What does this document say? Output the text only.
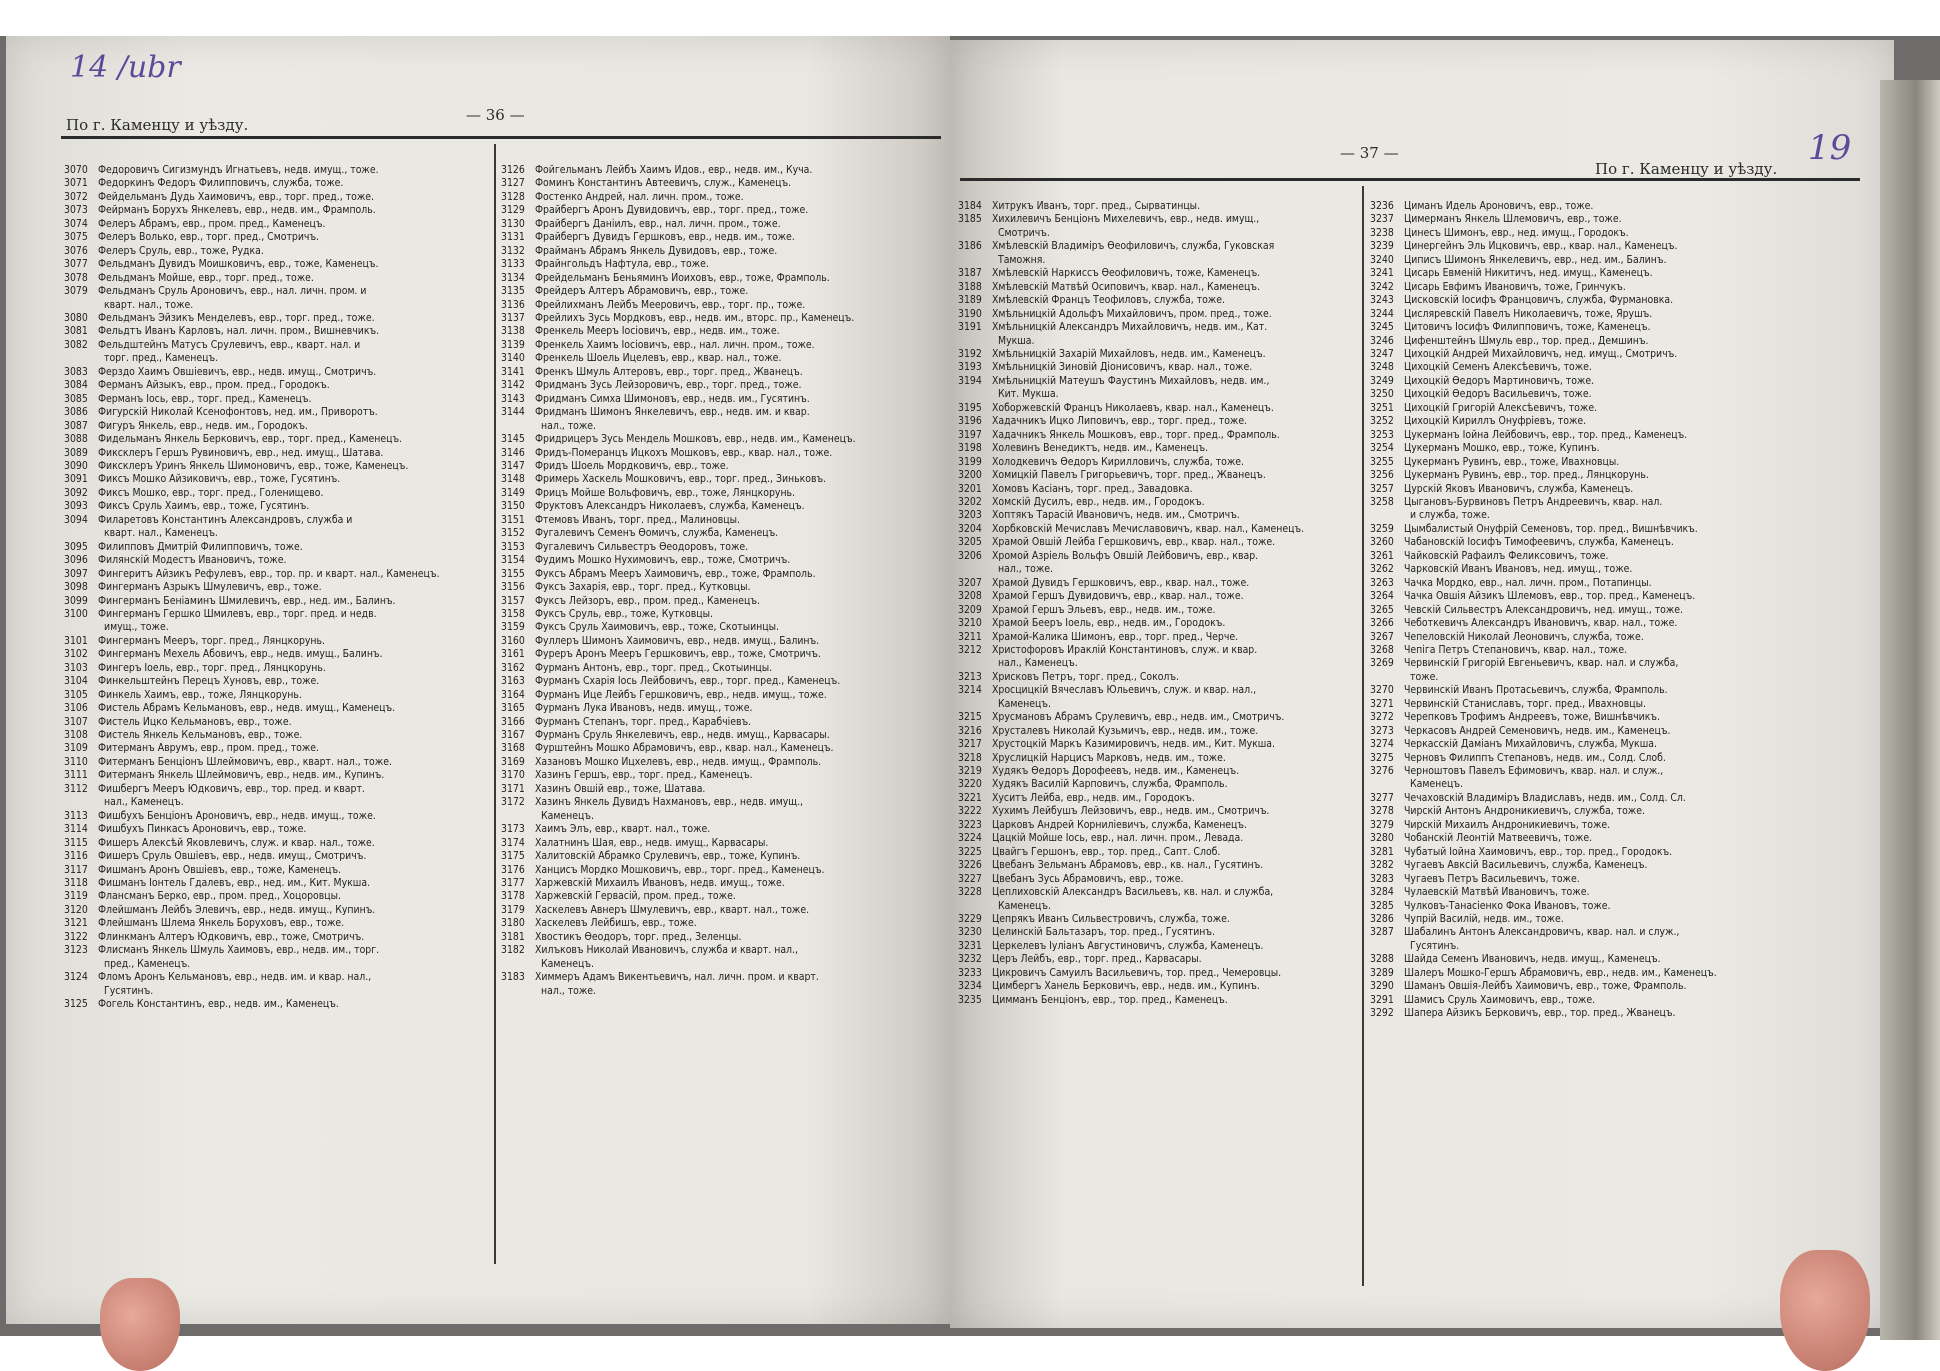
По г. Каменцу и уѣзду.
— 36 —
3070 Федоровичъ Сигизмундъ Игнатьевъ, недв. имущ., тоже.
3071 Федоркинъ Федоръ Филипповичъ, служба, тоже.
3072 Фейдельманъ Дудь Хаимовичъ, евр., торг. пред., тоже.
3073 Фейрманъ Борухъ Янкелевъ, евр., недв. им., Фрамполь.
3074 Фелеръ Абрамъ, евр., пром. пред., Каменецъ.
3075 Фелеръ Волько, евр., торг. пред., Смотричъ.
3076 Фелеръ Сруль, евр., тоже, Рудка.
3077 Фельдманъ Дувидъ Моишковичъ, евр., тоже, Каменецъ.
3078 Фельдманъ Мойше, евр., торг. пред., тоже.
3079 Фельдманъ Сруль Ароновичъ, евр., нал. личн. пром. и
кварт. нал., тоже.
3080 Фельдманъ Эйзикъ Менделевъ, евр., торг. пред., тоже.
3081 Фельдтъ Иванъ Карловъ, нал. личн. пром., Вишневчикъ.
3082 Фельдштейнъ Матусъ Срулевичъ, евр., кварт. нал. и
торг. пред., Каменецъ.
3083 Ферздо Хаимъ Овшіевичъ, евр., недв. имущ., Смотричъ.
3084 Ферманъ Айзыкъ, евр., пром. пред., Городокъ.
3085 Ферманъ Іось, евр., торг. пред., Каменецъ.
3086 Фигурскій Николай Ксенофонтовъ, нед. им., Приворотъ.
3087 Фигуръ Янкель, евр., недв. им., Городокъ.
3088 Фидельманъ Янкель Берковичъ, евр., торг. пред., Каменецъ.
3089 Фиксклеръ Гершъ Рувиновичъ, евр., нед. имущ., Шатава.
3090 Фиксклеръ Уринъ Янкель Шимоновичъ, евр., тоже, Каменецъ.
3091 Фиксъ Мошко Айзиковичъ, евр., тоже, Гусятинъ.
3092 Фиксъ Мошко, евр., торг. пред., Голенищево.
3093 Фиксъ Сруль Хаимъ, евр., тоже, Гусятинъ.
3094 Филаретовъ Константинъ Александровъ, служба и
кварт. нал., Каменецъ.
3095 Филипповъ Дмитрій Филипповичъ, тоже.
3096 Филянскій Модестъ Ивановичъ, тоже.
3097 Фингеритъ Айзикъ Рефулевъ, евр., тор. пр. и кварт. нал., Каменецъ.
3098 Фингерманъ Азрыкъ Шмулевичъ, евр., тоже.
3099 Фингерманъ Беніаминъ Шмилевичъ, евр., нед. им., Балинъ.
3100 Фингерманъ Гершко Шмилевъ, евр., торг. пред. и недв.
имущ., тоже.
3101 Фингерманъ Мееръ, торг. пред., Лянцкорунь.
3102 Фингерманъ Мехель Абовичъ, евр., недв. имущ., Балинъ.
3103 Фингеръ Іоель, евр., торг. пред., Лянцкорунь.
3104 Финкельштейнъ Перецъ Хуновъ, евр., тоже.
3105 Финкель Хаимъ, евр., тоже, Лянцкорунь.
3106 Фистель Абрамъ Кельмановъ, евр., недв. имущ., Каменецъ.
3107 Фистель Ицко Кельмановъ, евр., тоже.
3108 Фистель Янкель Кельмановъ, евр., тоже.
3109 Фитерманъ Аврумъ, евр., пром. пред., тоже.
3110 Фитерманъ Бенціонъ Шлеймовичъ, евр., кварт. нал., тоже.
3111 Фитерманъ Янкель Шлеймовичъ, евр., недв. им., Купинъ.
3112 Фишбергъ Мееръ Юдковичъ, евр., тор. пред. и кварт.
нал., Каменецъ.
3113 Фишбухъ Бенціонъ Ароновичъ, евр., недв. имущ., тоже.
3114 Фишбухъ Пинкасъ Ароновичъ, евр., тоже.
3115 Фишеръ Алексѣй Яковлевичъ, служ. и квар. нал., тоже.
3116 Фишеръ Сруль Овшіевъ, евр., недв. имущ., Смотричъ.
3117 Фишманъ Аронъ Овшіевъ, евр., тоже, Каменецъ.
3118 Фишманъ Іонтель Гдалевъ, евр., нед. им., Кит. Мукша.
3119 Флансманъ Берко, евр., пром. пред., Хоцоровцы.
3120 Флейшманъ Лейбъ Элевичъ, евр., недв. имущ., Купинъ.
3121 Флейшманъ Шлема Янкель Боруховъ, евр., тоже.
3122 Флинкманъ Алтеръ Юдковичъ, евр., тоже, Смотричъ.
3123 Флисманъ Янкель Шмуль Хаимовъ, евр., недв. им., торг.
пред., Каменецъ.
3124 Фломъ Аронъ Кельмановъ, евр., недв. им. и квар. нал.,
Гусятинъ.
3125 Фогель Константинъ, евр., недв. им., Каменецъ.
3126 Фойгельманъ Лейбъ Хаимъ Идов., евр., недв. им., Куча.
3127 Фоминъ Константинъ Автеевичъ, служ., Каменецъ.
3128 Фостенко Андрей, нал. личн. пром., тоже.
3129 Фрайбергъ Аронъ Дувидовичъ, евр., торг. пред., тоже.
3130 Фрайбергъ Даніилъ, евр., нал. личн. пром., тоже.
3131 Фрайбергъ Дувидъ Гершковъ, евр., недв. им., тоже.
3132 Фрайманъ Абрамъ Янкель Дувидовъ, евр., тоже.
3133 Фрайнгольдъ Нафтула, евр., тоже.
3134 Фрейдельманъ Беньяминъ Иоиховъ, евр., тоже, Фрамполь.
3135 Фрейдеръ Алтеръ Абрамовичъ, евр., тоже.
3136 Фрейлихманъ Лейбъ Мееровичъ, евр., торг. пр., тоже.
3137 Фрейлихъ Зусь Мордковъ, евр., недв. им., вторс. пр., Каменецъ.
3138 Френкель Мееръ Іосіовичъ, евр., недв. им., тоже.
3139 Френкель Хаимъ Іосіовичъ, евр., нал. личн. пром., тоже.
3140 Френкель Шоель Ицелевъ, евр., квар. нал., тоже.
3141 Френкъ Шмуль Алтеровъ, евр., торг. пред., Жванецъ.
3142 Фридманъ Зусь Лейзоровичъ, евр., торг. пред., тоже.
3143 Фридманъ Симха Шимоновъ, евр., недв. им., Гусятинъ.
3144 Фридманъ Шимонъ Янкелевичъ, евр., недв. им. и квар.
нал., тоже.
3145 Фридрицеръ Зусь Мендель Мошковъ, евр., недв. им., Каменецъ.
3146 Фридъ-Померанцъ Ицкохъ Мошковъ, евр., квар. нал., тоже.
3147 Фридъ Шоель Мордковичъ, евр., тоже.
3148 Фримерь Хаскель Мошковичъ, евр., торг. пред., Зиньковъ.
3149 Фрицъ Мойше Вольфовичъ, евр., тоже, Лянцкорунь.
3150 Фруктовъ Александръ Николаевъ, служба, Каменецъ.
3151 Фтемовъ Иванъ, торг. пред., Малиновцы.
3152 Фугалевичъ Семенъ Ѳомичъ, служба, Каменецъ.
3153 Фугалевичъ Сильвестръ Ѳеодоровъ, тоже.
3154 Фудимъ Мошко Нухимовичъ, евр., тоже, Смотричъ.
3155 Фуксъ Абрамъ Мееръ Хаимовичъ, евр., тоже, Фрамполь.
3156 Фуксъ Захарія, евр., торг. пред., Кутковцы.
3157 Фуксъ Лейзоръ, евр., пром. пред., Каменецъ.
3158 Фуксъ Сруль, евр., тоже, Кутковцы.
3159 Фуксъ Сруль Хаимовичъ, евр., тоже, Скотыинцы.
3160 Фуллеръ Шимонъ Хаимовичъ, евр., недв. имущ., Балинъ.
3161 Фуреръ Аронъ Мееръ Гершковичъ, евр., тоже, Смотричъ.
3162 Фурманъ Антонъ, евр., торг. пред., Скотыинцы.
3163 Фурманъ Схарія Іось Лейбовичъ, евр., торг. пред., Каменецъ.
3164 Фурманъ Ице Лейбъ Гершковичъ, евр., недв. имущ., тоже.
3165 Фурманъ Лука Ивановъ, недв. имущ., тоже.
3166 Фурманъ Степанъ, торг. пред., Карабчіевъ.
3167 Фурманъ Сруль Янкелевичъ, евр., недв. имущ., Карвасары.
3168 Фурштейнъ Мошко Абрамовичъ, евр., квар. нал., Каменецъ.
3169 Хазановъ Мошко Ицхелевъ, евр., недв. имущ., Фрамполь.
3170 Хазинъ Гершъ, евр., торг. пред., Каменецъ.
3171 Хазинъ Овшій евр., тоже, Шатава.
3172 Хазинъ Янкель Дувидъ Нахмановъ, евр., недв. имущ.,
Каменецъ.
3173 Хаимъ Элъ, евр., кварт. нал., тоже.
3174 Халатнинъ Шая, евр., недв. имущ., Карвасары.
3175 Халитовскій Абрамко Срулевичъ, евр., тоже, Купинъ.
3176 Ханцисъ Мордко Мошковичъ, евр., торг. пред., Каменецъ.
3177 Харжевскій Михаилъ Ивановъ, недв. имущ., тоже.
3178 Харжевскій Гервасій, пром. пред., тоже.
3179 Хаскелевъ Авнеръ Шмулевичъ, евр., кварт. нал., тоже.
3180 Хаскелевъ Лейбишъ, евр., тоже.
3181 Хвостикъ Ѳеодоръ, торг. пред., Зеленцы.
3182 Хилъковъ Николай Ивановичъ, служба и кварт. нал.,
Каменецъ.
3183 Химмеръ Адамъ Викентьевичъ, нал. личн. пром. и кварт.
нал., тоже.
— 37 —
По г. Каменцу и уѣзду.
3184 Хитрукъ Иванъ, торг. пред., Сырватинцы.
3185 Хихилевичъ Бенціонъ Михелевичъ, евр., недв. имущ.,
Смотричъ.
3186 Хмѣлевскій Владиміръ Ѳеофиловичъ, служба, Гуковская
Таможня.
3187 Хмѣлевскій Наркиссъ Ѳеофиловичъ, тоже, Каменецъ.
3188 Хмѣлевскій Матвѣй Осиповичъ, квар. нал., Каменецъ.
3189 Хмѣлевскій Францъ Теофиловъ, служба, тоже.
3190 Хмѣльницкій Адольфъ Михайловичъ, пром. пред., тоже.
3191 Хмѣльницкій Александръ Михайловичъ, недв. им., Кат.
Мукша.
3192 Хмѣльницкій Захарій Михайловъ, недв. им., Каменецъ.
3193 Хмѣльницкій Зиновій Діонисовичъ, квар. нал., тоже.
3194 Хмѣльницкій Матеушъ Фаустинъ Михайловъ, недв. им.,
Кит. Мукша.
3195 Хоборжевскій Францъ Николаевъ, квар. нал., Каменецъ.
3196 Хадачникъ Ицко Липовичъ, евр., торг. пред., тоже.
3197 Хадачникъ Янкель Мошковъ, евр., торг. пред., Фрамполь.
3198 Холевинъ Венедиктъ, недв. им., Каменецъ.
3199 Холодкевичъ Ѳедоръ Кирилловичъ, служба, тоже.
3200 Хомицкій Павелъ Григорьевичъ, торг. пред., Жванецъ.
3201 Хомовъ Касіанъ, торг. пред., Завадовка.
3202 Хомскій Дусилъ, евр., недв. им., Городокъ.
3203 Хоптякъ Тарасій Ивановичъ, недв. им., Смотричъ.
3204 Хорбковскій Мечиславъ Мечиславовичъ, квар. нал., Каменецъ.
3205 Храмой Овшій Лейба Гершковичъ, евр., квар. нал., тоже.
3206 Хромой Азріель Вольфъ Овшій Лейбовичъ, евр., квар.
нал., тоже.
3207 Храмой Дувидъ Гершковичъ, евр., квар. нал., тоже.
3208 Храмой Гершъ Дувидовичъ, евр., квар. нал., тоже.
3209 Храмой Гершъ Эльевъ, евр., недв. им., тоже.
3210 Храмой Бееръ Іоель, евр., недв. им., Городокъ.
3211 Храмой-Калика Шимонъ, евр., торг. пред., Черче.
3212 Христофоровъ Ираклій Константиновъ, служ. и квар.
нал., Каменецъ.
3213 Хрисковъ Петръ, торг. пред., Соколъ.
3214 Хросцицкій Вячеславъ Юльевичъ, служ. и квар. нал.,
Каменецъ.
3215 Хрусмановъ Абрамъ Срулевичъ, евр., недв. им., Смотричъ.
3216 Хрусталевъ Николай Кузьмичъ, евр., недв. им., тоже.
3217 Хрустоцкій Маркъ Казимировичъ, недв. им., Кит. Мукша.
3218 Хруслицкій Нарцисъ Марковъ, недв. им., тоже.
3219 Худякъ Ѳедоръ Дорофеевъ, недв. им., Каменецъ.
3220 Худякъ Василій Карповичъ, служба, Фрамполь.
3221 Хуситъ Лейба, евр., недв. им., Городокъ.
3222 Хухимъ Лейбушъ Лейзовичъ, евр., недв. им., Смотричъ.
3223 Царковъ Андрей Корниліевичъ, служба, Каменецъ.
3224 Цацкій Мойше Іось, евр., нал. личн. пром., Левада.
3225 Цвайгъ Гершонъ, евр., тор. пред., Сапт. Слоб.
3226 Цвебанъ Зельманъ Абрамовъ, евр., кв. нал., Гусятинъ.
3227 Цвебанъ Зусь Абрамовичъ, евр., тоже.
3228 Цеплиховскій Александръ Васильевъ, кв. нал. и служба,
Каменецъ.
3229 Цепрякъ Иванъ Сильвестровичъ, служба, тоже.
3230 Целинскій Бальтазаръ, тор. пред., Гусятинъ.
3231 Церкелевъ Іуліанъ Августиновичъ, служба, Каменецъ.
3232 Церъ Лейбъ, евр., торг. пред., Карвасары.
3233 Цикровичъ Самуилъ Васильевичъ, тор. пред., Чемеровцы.
3234 Цимбергъ Ханель Берковичъ, евр., недв. им., Купинъ.
3235 Цимманъ Бенціонъ, евр., тор. пред., Каменецъ.
3236 Циманъ Идель Ароновичъ, евр., тоже.
3237 Цимерманъ Янкель Шлемовичъ, евр., тоже.
3238 Цинесъ Шимонъ, евр., нед. имущ., Городокъ.
3239 Цинергейнъ Эль Ицковичъ, евр., квар. нал., Каменецъ.
3240 Циписъ Шимонъ Янкелевичъ, евр., нед. им., Балинъ.
3241 Цисарь Евменій Никитичъ, нед. имущ., Каменецъ.
3242 Цисарь Евфимъ Ивановичъ, тоже, Гринчукъ.
3243 Цисковскій Іосифъ Францовичъ, служба, Фурмановка.
3244 Цисляревскій Павелъ Николаевичъ, тоже, Ярушъ.
3245 Цитовичъ Іосифъ Филипповичъ, тоже, Каменецъ.
3246 Цифенштейнъ Шмуль евр., тор. пред., Демшинъ.
3247 Цихоцкій Андрей Михайловичъ, нед. имущ., Смотричъ.
3248 Цихоцкій Семенъ Алексѣевичъ, тоже.
3249 Цихоцкій Ѳедоръ Мартиновичъ, тоже.
3250 Цихоцкій Ѳедоръ Васильевичъ, тоже.
3251 Цихоцкій Григорій Алексѣевичъ, тоже.
3252 Цихоцкій Кириллъ Онуфріевъ, тоже.
3253 Цукерманъ Іойна Лейбовичъ, евр., тор. пред., Каменецъ.
3254 Цукерманъ Мошко, евр., тоже, Купинъ.
3255 Цукерманъ Рувинъ, евр., тоже, Ивахновцы.
3256 Цукерманъ Рувинъ, евр., тор. пред., Лянцкорунь.
3257 Цурскій Яковъ Ивановичъ, служба, Каменецъ.
3258 Цыгановъ-Бурвиновъ Петръ Андреевичъ, квар. нал.
и служба, тоже.
3259 Цымбалистый Онуфрій Семеновъ, тор. пред., Вишнѣвчикъ.
3260 Чабановскій Іосифъ Тимофеевичъ, служба, Каменецъ.
3261 Чайковскій Рафаилъ Феликсовичъ, тоже.
3262 Чарковскій Иванъ Ивановъ, нед. имущ., тоже.
3263 Чачка Мордко, евр., нал. личн. пром., Потапинцы.
3264 Чачка Овшія Айзикъ Шлемовъ, евр., тор. пред., Каменецъ.
3265 Чевскій Сильвестръ Александровичъ, нед. имущ., тоже.
3266 Чеботкевичъ Александръ Ивановичъ, квар. нал., тоже.
3267 Чепеловскій Николай Леоновичъ, служба, тоже.
3268 Чепіга Петръ Степановичъ, квар. нал., тоже.
3269 Червинскій Григорій Евгеньевичъ, квар. нал. и служба,
тоже.
3270 Червинскій Иванъ Протасьевичъ, служба, Фрамполь.
3271 Червинскій Станиславъ, торг. пред., Ивахновцы.
3272 Черепковъ Трофимъ Андреевъ, тоже, Вишнѣвчикъ.
3273 Черкасовъ Андрей Семеновичъ, недв. им., Каменецъ.
3274 Черкасскій Даміанъ Михайловичъ, служба, Мукша.
3275 Черновъ Филиппъ Степановъ, недв. им., Солд. Слоб.
3276 Черноштовъ Павелъ Ефимовичъ, квар. нал. и служ.,
Каменецъ.
3277 Чечаховскій Владиміръ Владиславъ, недв. им., Солд. Сл.
3278 Чирскій Антонъ Андроникиевичъ, служба, тоже.
3279 Чирскій Михаилъ Андроникиевичъ, тоже.
3280 Чобанскій Леонтій Матвеевичъ, тоже.
3281 Чубатый Іойна Хаимовичъ, евр., тор. пред., Городокъ.
3282 Чугаевъ Авксій Васильевичъ, служба, Каменецъ.
3283 Чугаевъ Петръ Васильевичъ, тоже.
3284 Чулаевскій Матвѣй Ивановичъ, тоже.
3285 Чулковъ-Танасіенко Фока Ивановъ, тоже.
3286 Чупрій Василій, недв. им., тоже.
3287 Шабалинъ Антонъ Александровичъ, квар. нал. и служ.,
Гусятинъ.
3288 Шайда Семенъ Ивановичъ, недв. имущ., Каменецъ.
3289 Шалеръ Мошко-Гершъ Абрамовичъ, евр., недв. им., Каменецъ.
3290 Шаманъ Овшія-Лейбъ Хаимовичъ, евр., тоже, Фрамполь.
3291 Шамисъ Сруль Хаимовичъ, евр., тоже.
3292 Шапера Айзикъ Берковичъ, евр., тор. пред., Жванецъ.
14 /ubr
19
